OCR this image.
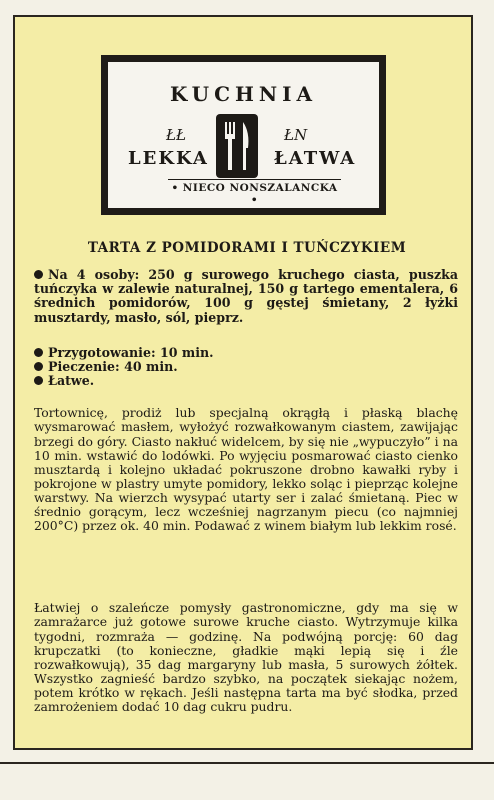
KUCHNIA
ŁŁ	ŁN
LEKKA	ŁATWA
• NIECO NONSZALANCKA •
TARTA Z POMIDORAMI I TUŃCZYKIEM

Na 4 osoby: 250 g surowego kruchego ciasta, puszka tuńczyka w zalewie naturalnej, 150 g tartego ementalera, 6 średnich pomidorów, 100 g gęstej śmietany, 2 łyżki musztardy, masło, sól, pieprz.

Przygotowanie: 10 min.
Pieczenie: 40 min.
Łatwe.

Tortownicę, prodiż lub specjalną okrągłą i płaską blachę wysmarować masłem, wyłożyć rozwałkowanym ciastem, zawijając brzegi do góry. Ciasto nakłuć widelcem, by się nie „wypuczyło” i na 10 min. wstawić do lodówki. Po wyjęciu posmarować ciasto cienko musztardą i kolejno układać pokruszone drobno kawałki ryby i pokrojone w plastry umyte pomidory, lekko soląc i pieprząc kolejne warstwy. Na wierzch wysypać utarty ser i zalać śmietaną. Piec w średnio gorącym, lecz wcześniej nagrzanym piecu (co najmniej 200°C) przez ok. 40 min. Podawać z winem białym lub lekkim rosé.

Łatwiej o szaleńcze pomysły gastronomiczne, gdy ma się w zamrażarce już gotowe surowe kruche ciasto. Wytrzymuje kilka tygodni, rozmraża — godzinę. Na podwójną porcję: 60 dag krupczatki (to konieczne, gładkie mąki lepią się i źle rozwałkowują), 35 dag margaryny lub masła, 5 surowych żółtek. Wszystko zagnieść bardzo szybko, na początek siekając nożem, potem krótko w rękach. Jeśli następna tarta ma być słodka, przed zamrożeniem dodać 10 dag cukru pudru.
